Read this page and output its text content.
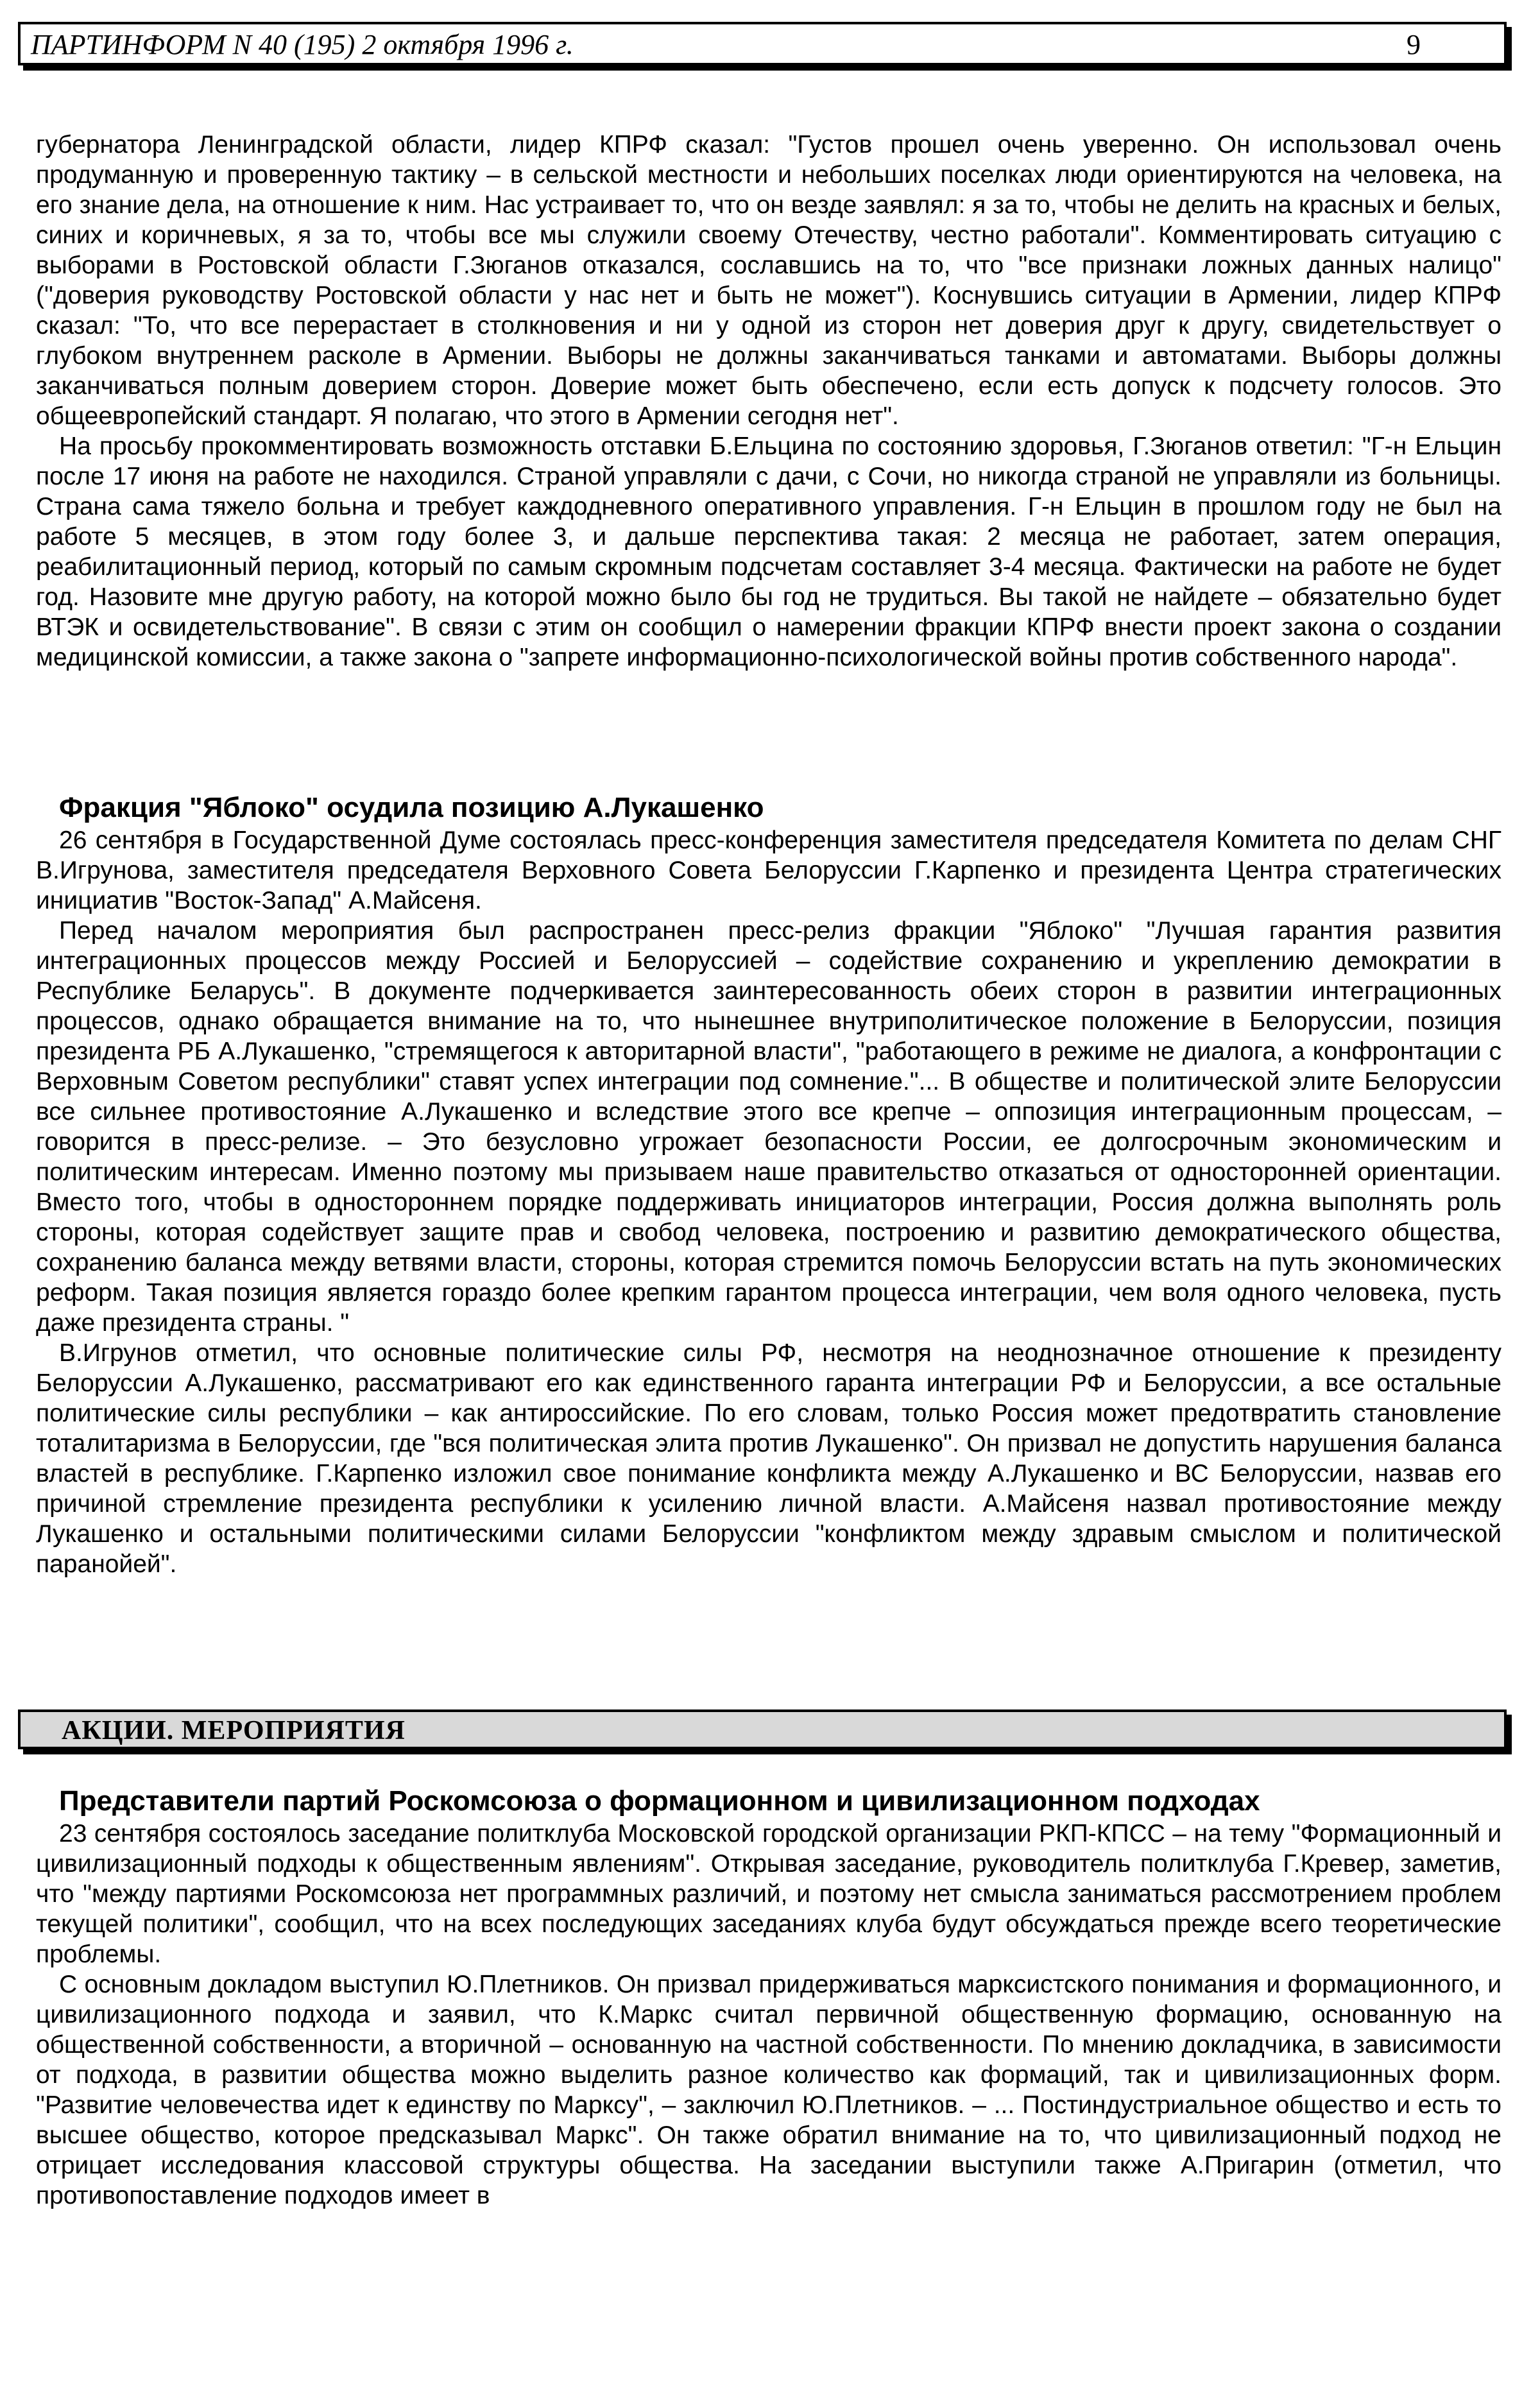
ПАРТИНФОРМ N 40 (195) 2 октября 1996 г.	9

губернатора Ленинградской области, лидер КПРФ сказал: "Густов прошел очень уверенно. Он использовал очень продуманную и проверенную тактику – в сельской местности и небольших поселках люди ориентируются на человека, на его знание дела, на отношение к ним. Нас устраивает то, что он везде заявлял: я за то, чтобы не делить на красных и белых, синих и коричневых, я за то, чтобы все мы служили своему Отечеству, честно работали". Комментировать ситуацию с выборами в Ростовской области Г.Зюганов отказался, сославшись на то, что "все признаки ложных данных налицо" ("доверия руководству Ростовской области у нас нет и быть не может"). Коснувшись ситуации в Армении, лидер КПРФ сказал: "То, что все перерастает в столкновения и ни у одной из сторон нет доверия друг к другу, свидетельствует о глубоком внутреннем расколе в Армении. Выборы не должны заканчиваться танками и автоматами. Выборы должны заканчиваться полным доверием сторон. Доверие может быть обеспечено, если есть допуск к подсчету голосов. Это общеевропейский стандарт. Я полагаю, что этого в Армении сегодня нет".

На просьбу прокомментировать возможность отставки Б.Ельцина по состоянию здоровья, Г.Зюганов ответил: "Г-н Ельцин после 17 июня на работе не находился. Страной управляли с дачи, с Сочи, но никогда страной не управляли из больницы. Страна сама тяжело больна и требует каждодневного оперативного управления. Г-н Ельцин в прошлом году не был на работе 5 месяцев, в этом году более 3, и дальше перспектива такая: 2 месяца не работает, затем операция, реабилитационный период, который по самым скромным подсчетам составляет 3-4 месяца. Фактически на работе не будет год. Назовите мне другую работу, на которой можно было бы год не трудиться. Вы такой не найдете – обязательно будет ВТЭК и освидетельствование". В связи с этим он сообщил о намерении фракции КПРФ внести проект закона о создании медицинской комиссии, а также закона о "запрете информационно-психологической войны против собственного народа".

Фракция "Яблоко" осудила позицию А.Лукашенко

26 сентября в Государственной Думе состоялась пресс-конференция заместителя председателя Комитета по делам СНГ В.Игрунова, заместителя председателя Верховного Совета Белоруссии Г.Карпенко и президента Центра стратегических инициатив "Восток-Запад" А.Майсеня.

Перед началом мероприятия был распространен пресс-релиз фракции "Яблоко" "Лучшая гарантия развития интеграционных процессов между Россией и Белоруссией – содействие сохранению и укреплению демократии в Республике Беларусь". В документе подчеркивается заинтересованность обеих сторон в развитии интеграционных процессов, однако обращается внимание на то, что нынешнее внутриполитическое положение в Белоруссии, позиция президента РБ А.Лукашенко, "стремящегося к авторитарной власти", "работающего в режиме не диалога, а конфронтации с Верховным Советом республики" ставят успех интеграции под сомнение."... В обществе и политической элите Белоруссии все сильнее противостояние А.Лукашенко и вследствие этого все крепче – оппозиция интеграционным процессам, – говорится в пресс-релизе. – Это безусловно угрожает безопасности России, ее долгосрочным экономическим и политическим интересам. Именно поэтому мы призываем наше правительство отказаться от односторонней ориентации. Вместо того, чтобы в одностороннем порядке поддерживать инициаторов интеграции, Россия должна выполнять роль стороны, которая содействует защите прав и свобод человека, построению и развитию демократического общества, сохранению баланса между ветвями власти, стороны, которая стремится помочь Белоруссии встать на путь экономических реформ. Такая позиция является гораздо более крепким гарантом процесса интеграции, чем воля одного человека, пусть даже президента страны. "

В.Игрунов отметил, что основные политические силы РФ, несмотря на неоднозначное отношение к президенту Белоруссии А.Лукашенко, рассматривают его как единственного гаранта интеграции РФ и Белоруссии, а все остальные политические силы республики – как антироссийские. По его словам, только Россия может предотвратить становление тоталитаризма в Белоруссии, где "вся политическая элита против Лукашенко". Он призвал не допустить нарушения баланса властей в республике. Г.Карпенко изложил свое понимание конфликта между А.Лукашенко и ВС Белоруссии, назвав его причиной стремление президента республики к усилению личной власти. А.Майсеня назвал противостояние между Лукашенко и остальными политическими силами Белоруссии "конфликтом между здравым смыслом и политической паранойей".

АКЦИИ. МЕРОПРИЯТИЯ
Представители партий Роскомсоюза о формационном и цивилизационном подходах

23 сентября состоялось заседание политклуба Московской городской организации РКП-КПСС – на тему "Формационный и цивилизационный подходы к общественным явлениям". Открывая заседание, руководитель политклуба Г.Кревер, заметив, что "между партиями Роскомсоюза нет программных различий, и поэтому нет смысла заниматься рассмотрением проблем текущей политики", сообщил, что на всех последующих заседаниях клуба будут обсуждаться прежде всего теоретические проблемы.

С основным докладом выступил Ю.Плетников. Он призвал придерживаться марксистского понимания и формационного, и цивилизационного подхода и заявил, что К.Маркс считал первичной общественную формацию, основанную на общественной собственности, а вторичной – основанную на частной собственности. По мнению докладчика, в зависимости от подхода, в развитии общества можно выделить разное количество как формаций, так и цивилизационных форм. "Развитие человечества идет к единству по Марксу", – заключил Ю.Плетников. – ... Постиндустриальное общество и есть то высшее общество, которое предсказывал Маркс". Он также обратил внимание на то, что цивилизационный подход не отрицает исследования классовой структуры общества. На заседании выступили также А.Пригарин (отметил, что противопоставление подходов имеет в
